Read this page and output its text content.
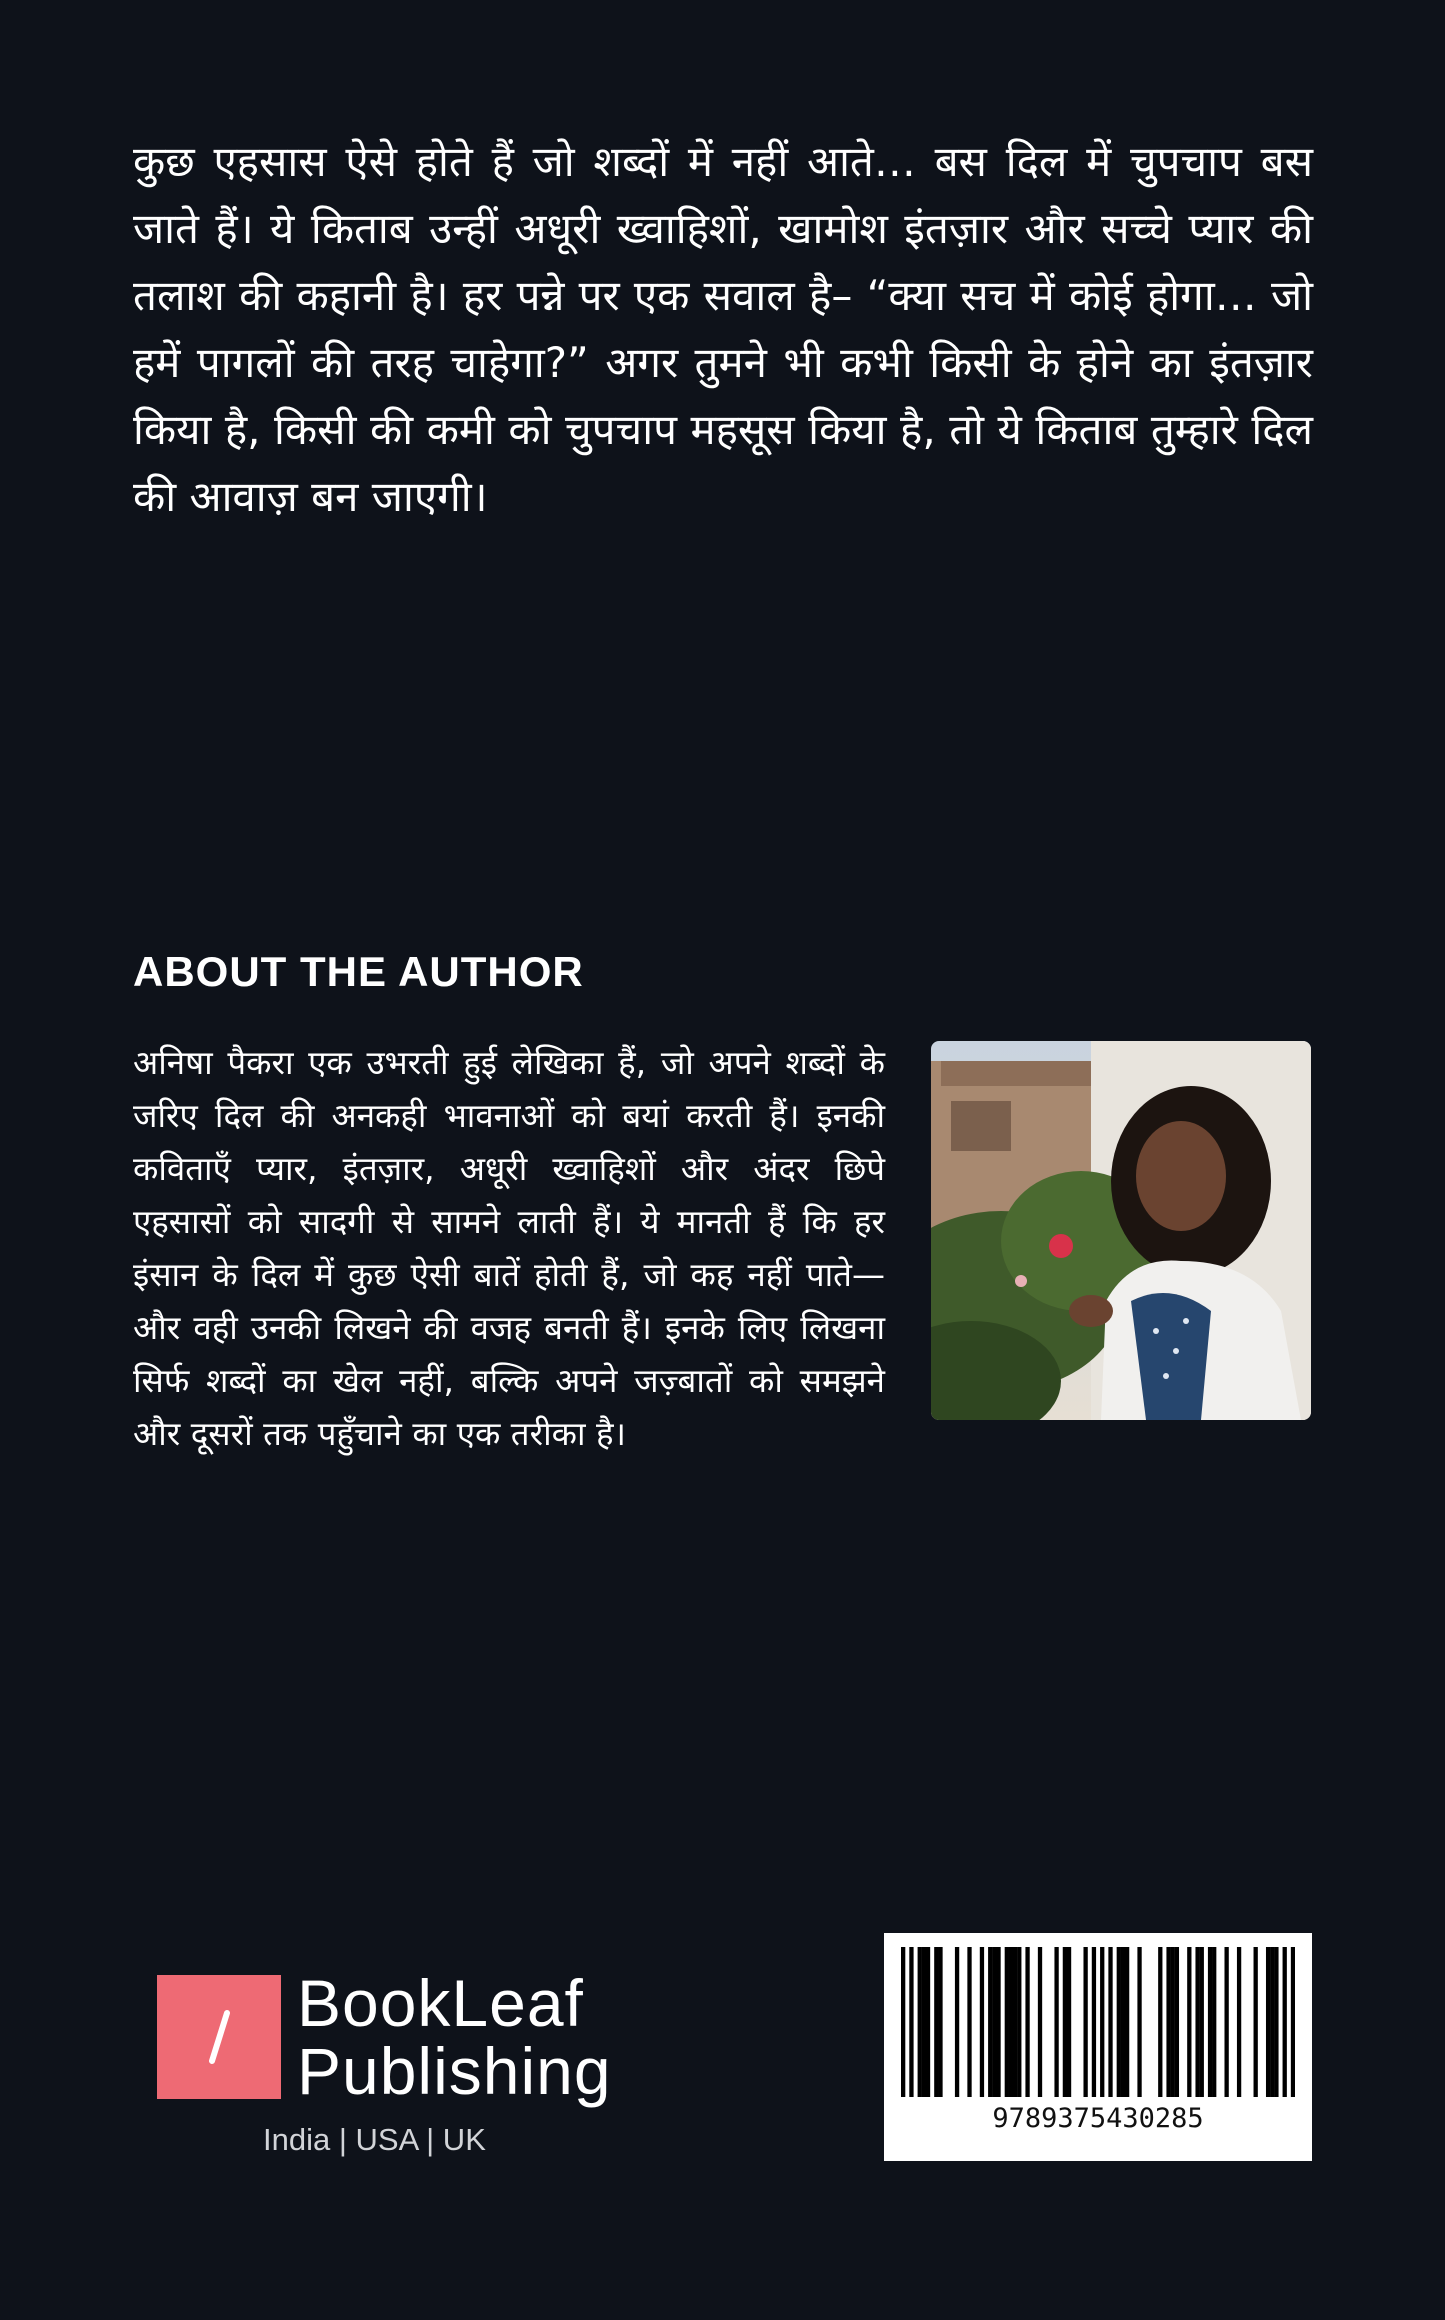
कुछ एहसास ऐसे होते हैं जो शब्दों में नहीं आते… बस दिल में चुपचाप बस जाते हैं। ये किताब उन्हीं अधूरी ख्वाहिशों, खामोश इंतज़ार और सच्चे प्यार की तलाश की कहानी है। हर पन्ने पर एक सवाल है– “क्या सच में कोई होगा… जो हमें पागलों की तरह चाहेगा?” अगर तुमने भी कभी किसी के होने का इंतज़ार किया है, किसी की कमी को चुपचाप महसूस किया है, तो ये किताब तुम्हारे दिल की आवाज़ बन जाएगी।

ABOUT THE AUTHOR

अनिषा पैकरा एक उभरती हुई लेखिका हैं, जो अपने शब्दों के जरिए दिल की अनकही भावनाओं को बयां करती हैं। इनकी कविताएँ प्यार, इंतज़ार, अधूरी ख्वाहिशों और अंदर छिपे एहसासों को सादगी से सामने लाती हैं। ये मानती हैं कि हर इंसान के दिल में कुछ ऐसी बातें होती हैं, जो कह नहीं पाते—और वही उनकी लिखने की वजह बनती हैं। इनके लिए लिखना सिर्फ शब्दों का खेल नहीं, बल्कि अपने जज़्बातों को समझने और दूसरों तक पहुँचाने का एक तरीका है।

BookLeaf
Publishing
India | USA | UK
9789375430285
